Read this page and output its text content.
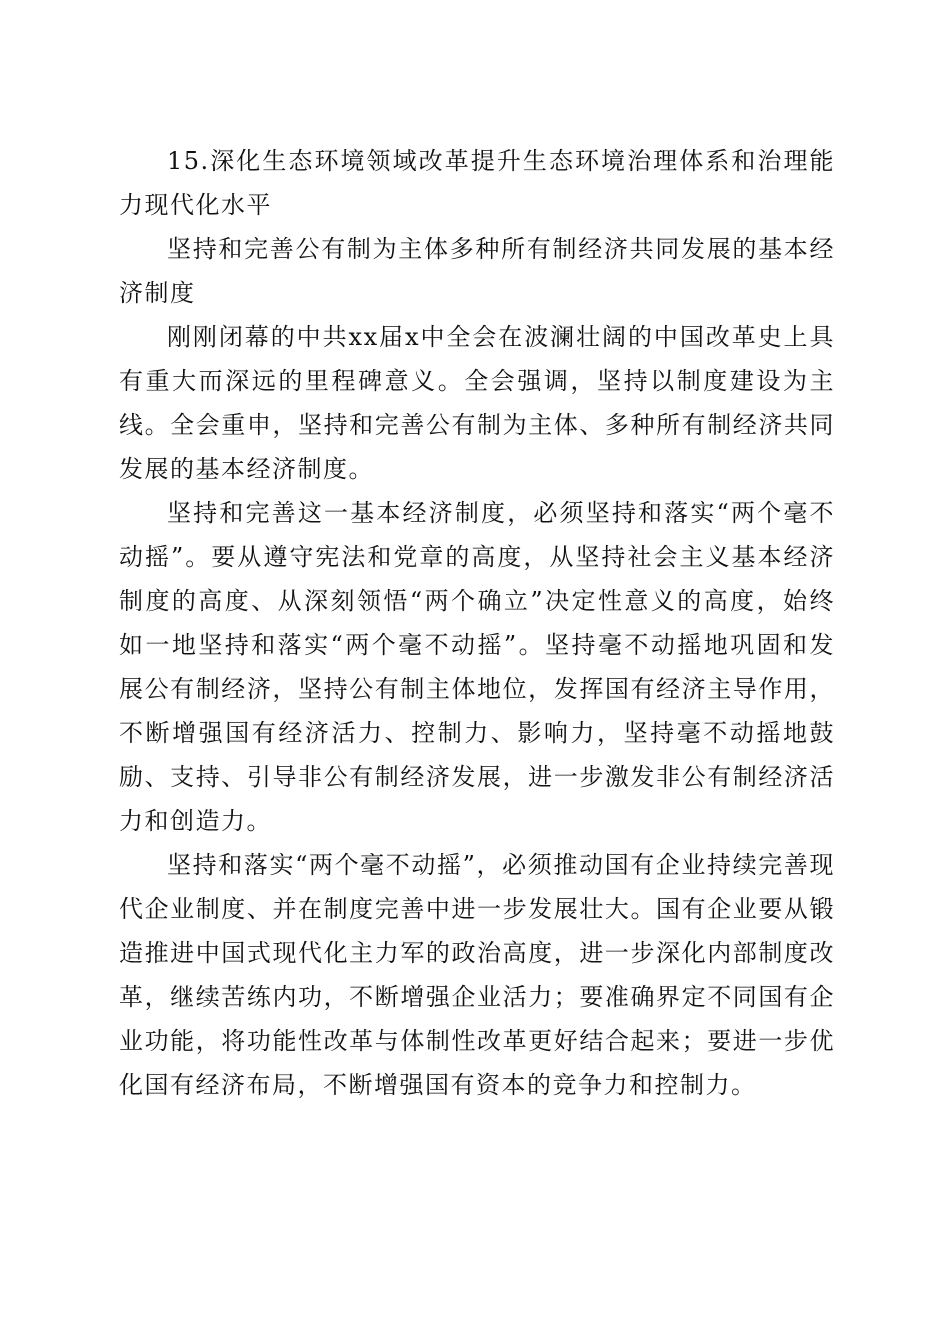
15.深化生态环境领域改革提升生态环境治理体系和治理能力现代化水平

坚持和完善公有制为主体多种所有制经济共同发展的基本经济制度

刚刚闭幕的中共xx届x中全会在波澜壮阔的中国改革史上具有重大而深远的里程碑意义。全会强调，坚持以制度建设为主线。全会重申，坚持和完善公有制为主体、多种所有制经济共同发展的基本经济制度。

坚持和完善这一基本经济制度，必须坚持和落实“两个毫不动摇”。要从遵守宪法和党章的高度，从坚持社会主义基本经济制度的高度、从深刻领悟“两个确立”决定性意义的高度，始终如一地坚持和落实“两个毫不动摇”。坚持毫不动摇地巩固和发展公有制经济，坚持公有制主体地位，发挥国有经济主导作用，不断增强国有经济活力、控制力、影响力，坚持毫不动摇地鼓励、支持、引导非公有制经济发展，进一步激发非公有制经济活力和创造力。

坚持和落实“两个毫不动摇”，必须推动国有企业持续完善现代企业制度、并在制度完善中进一步发展壮大。国有企业要从锻造推进中国式现代化主力军的政治高度，进一步深化内部制度改革，继续苦练内功，不断增强企业活力；要准确界定不同国有企业功能，将功能性改革与体制性改革更好结合起来；要进一步优化国有经济布局，不断增强国有资本的竞争力和控制力。
